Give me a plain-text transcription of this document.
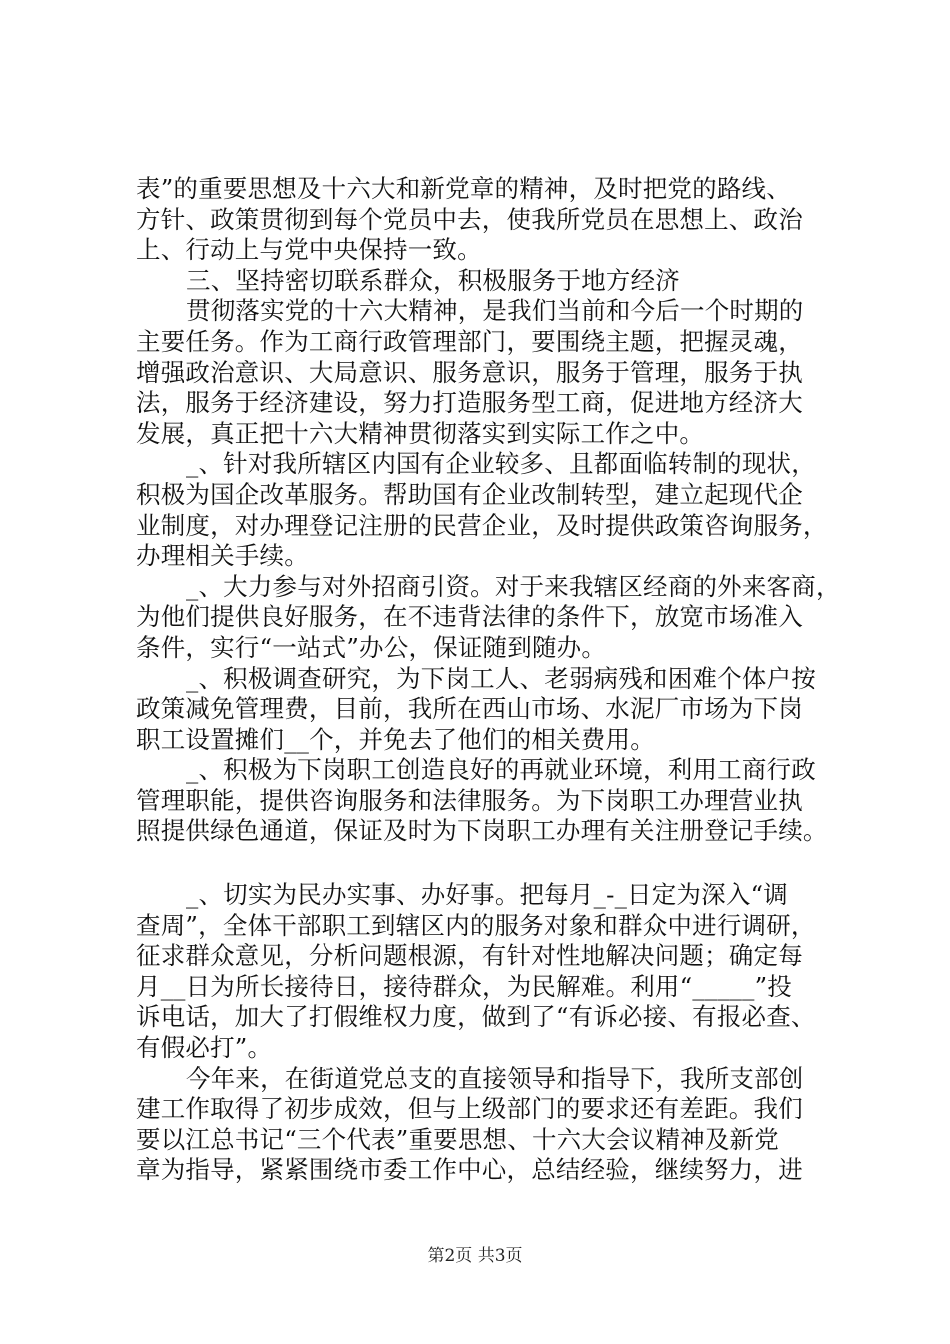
表”的重要思想及十六大和新党章的精神，及时把党的路线、
方针、政策贯彻到每个党员中去，使我所党员在思想上、政治
上、行动上与党中央保持一致。
三、坚持密切联系群众，积极服务于地方经济
贯彻落实党的十六大精神，是我们当前和今后一个时期的
主要任务。作为工商行政管理部门，要围绕主题，把握灵魂，
增强政治意识、大局意识、服务意识，服务于管理，服务于执
法，服务于经济建设，努力打造服务型工商，促进地方经济大
发展，真正把十六大精神贯彻落实到实际工作之中。
_、针对我所辖区内国有企业较多、且都面临转制的现状，
积极为国企改革服务。帮助国有企业改制转型，建立起现代企
业制度，对办理登记注册的民营企业，及时提供政策咨询服务，
办理相关手续。
_、大力参与对外招商引资。对于来我辖区经商的外来客商，
为他们提供良好服务，在不违背法律的条件下，放宽市场准入
条件，实行“一站式”办公，保证随到随办。
_、积极调查研究，为下岗工人、老弱病残和困难个体户按
政策减免管理费，目前，我所在西山市场、水泥厂市场为下岗
职工设置摊们__个，并免去了他们的相关费用。
_、积极为下岗职工创造良好的再就业环境，利用工商行政
管理职能，提供咨询服务和法律服务。为下岗职工办理营业执
照提供绿色通道，保证及时为下岗职工办理有关注册登记手续。
_、切实为民办实事、办好事。把每月_-_日定为深入“调
查周”，全体干部职工到辖区内的服务对象和群众中进行调研，
征求群众意见，分析问题根源，有针对性地解决问题；确定每
月__日为所长接待日，接待群众，为民解难。利用“_____”投
诉电话，加大了打假维权力度，做到了“有诉必接、有报必查、
有假必打”。
今年来，在街道党总支的直接领导和指导下，我所支部创
建工作取得了初步成效，但与上级部门的要求还有差距。我们
要以江总书记“三个代表”重要思想、十六大会议精神及新党
章为指导，紧紧围绕市委工作中心，总结经验，继续努力，进
第2页 共3页
